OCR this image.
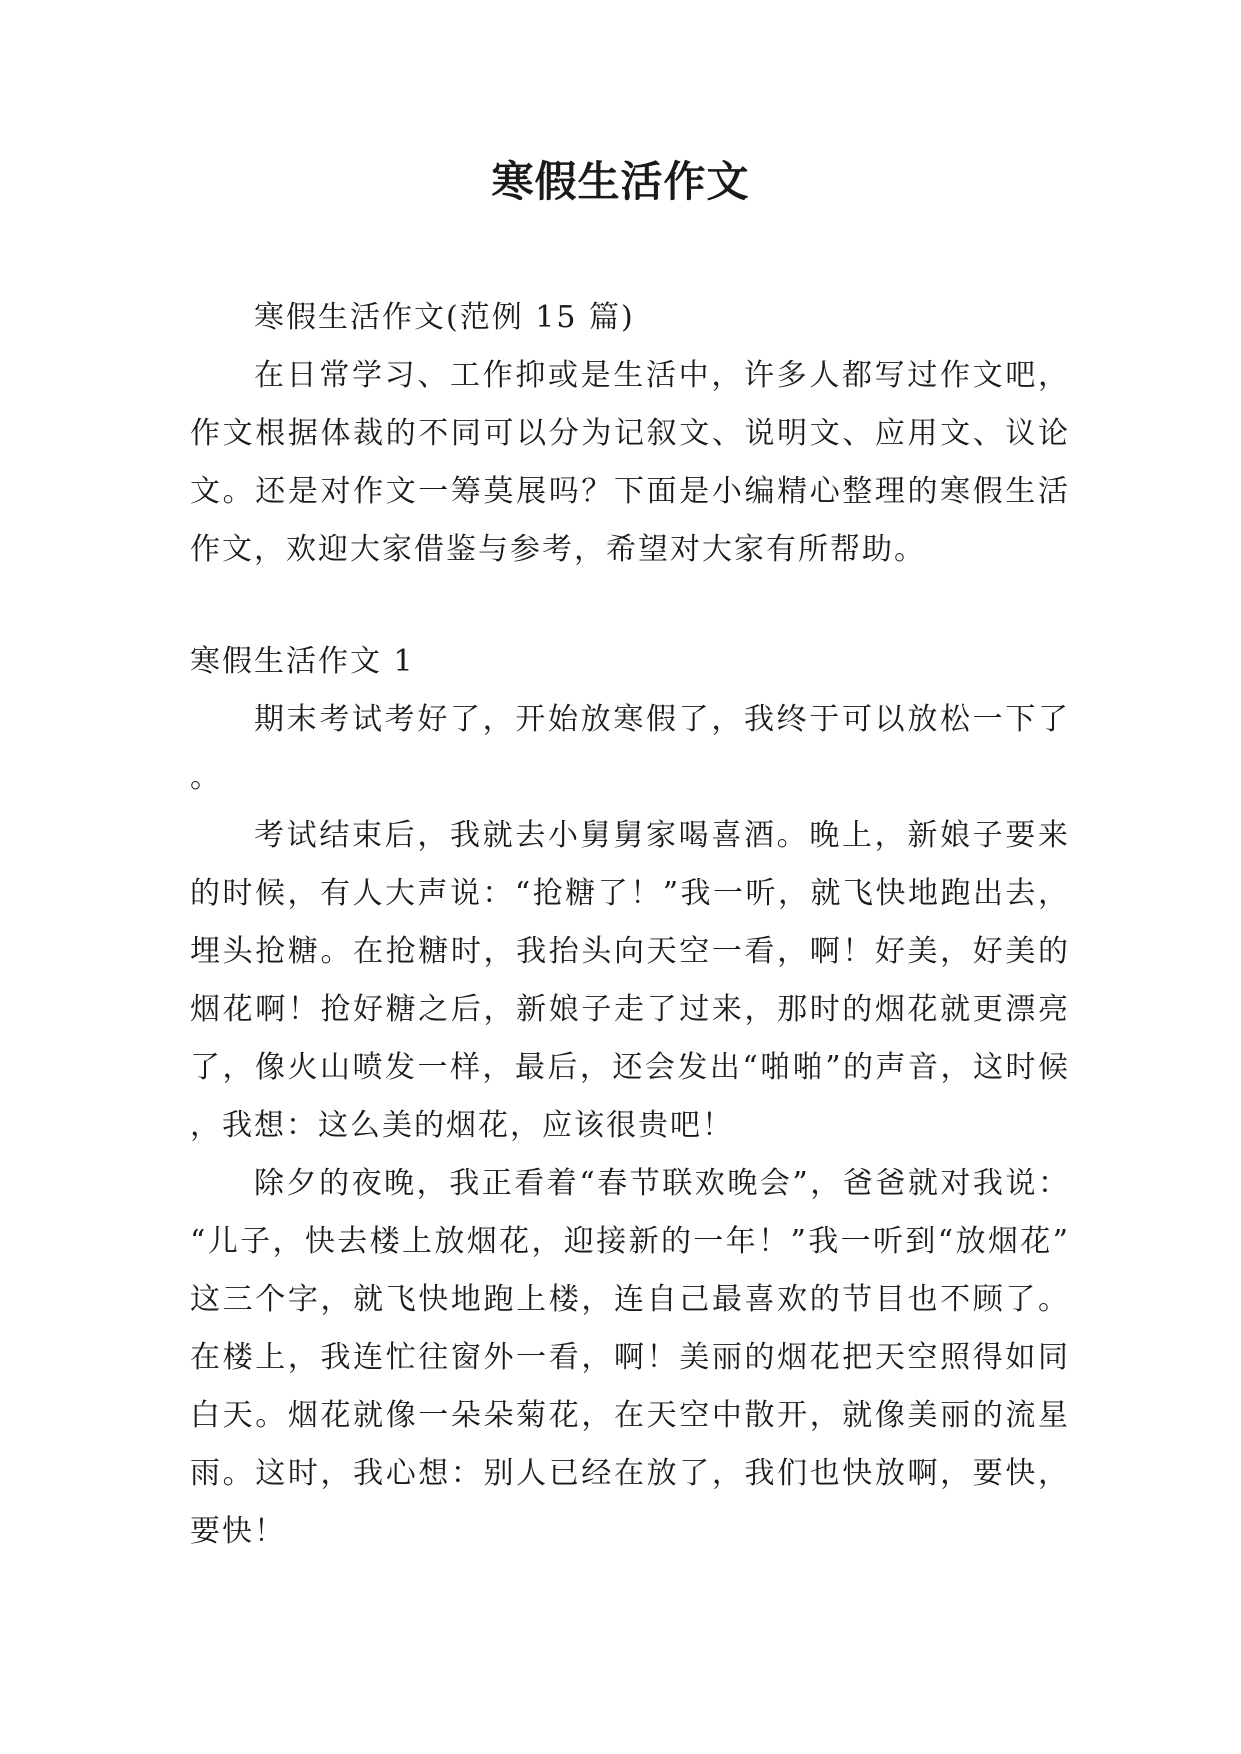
寒假生活作文

寒假生活作文(范例 15 篇)

在日常学习、工作抑或是生活中，许多人都写过作文吧，作文根据体裁的不同可以分为记叙文、说明文、应用文、议论文。还是对作文一筹莫展吗？下面是小编精心整理的寒假生活作文，欢迎大家借鉴与参考，希望对大家有所帮助。

寒假生活作文 1

期末考试考好了，开始放寒假了，我终于可以放松一下了。

考试结束后，我就去小舅舅家喝喜酒。晚上，新娘子要来的时候，有人大声说：“抢糖了！”我一听，就飞快地跑出去，埋头抢糖。在抢糖时，我抬头向天空一看，啊！好美，好美的烟花啊！抢好糖之后，新娘子走了过来，那时的烟花就更漂亮了，像火山喷发一样，最后，还会发出“啪啪”的声音，这时候，我想：这么美的烟花，应该很贵吧！

除夕的夜晚，我正看着“春节联欢晚会”，爸爸就对我说：“儿子，快去楼上放烟花，迎接新的一年！”我一听到“放烟花”这三个字，就飞快地跑上楼，连自己最喜欢的节目也不顾了。在楼上，我连忙往窗外一看，啊！美丽的烟花把天空照得如同白天。烟花就像一朵朵菊花，在天空中散开，就像美丽的流星雨。这时，我心想：别人已经在放了，我们也快放啊，要快，要快！
